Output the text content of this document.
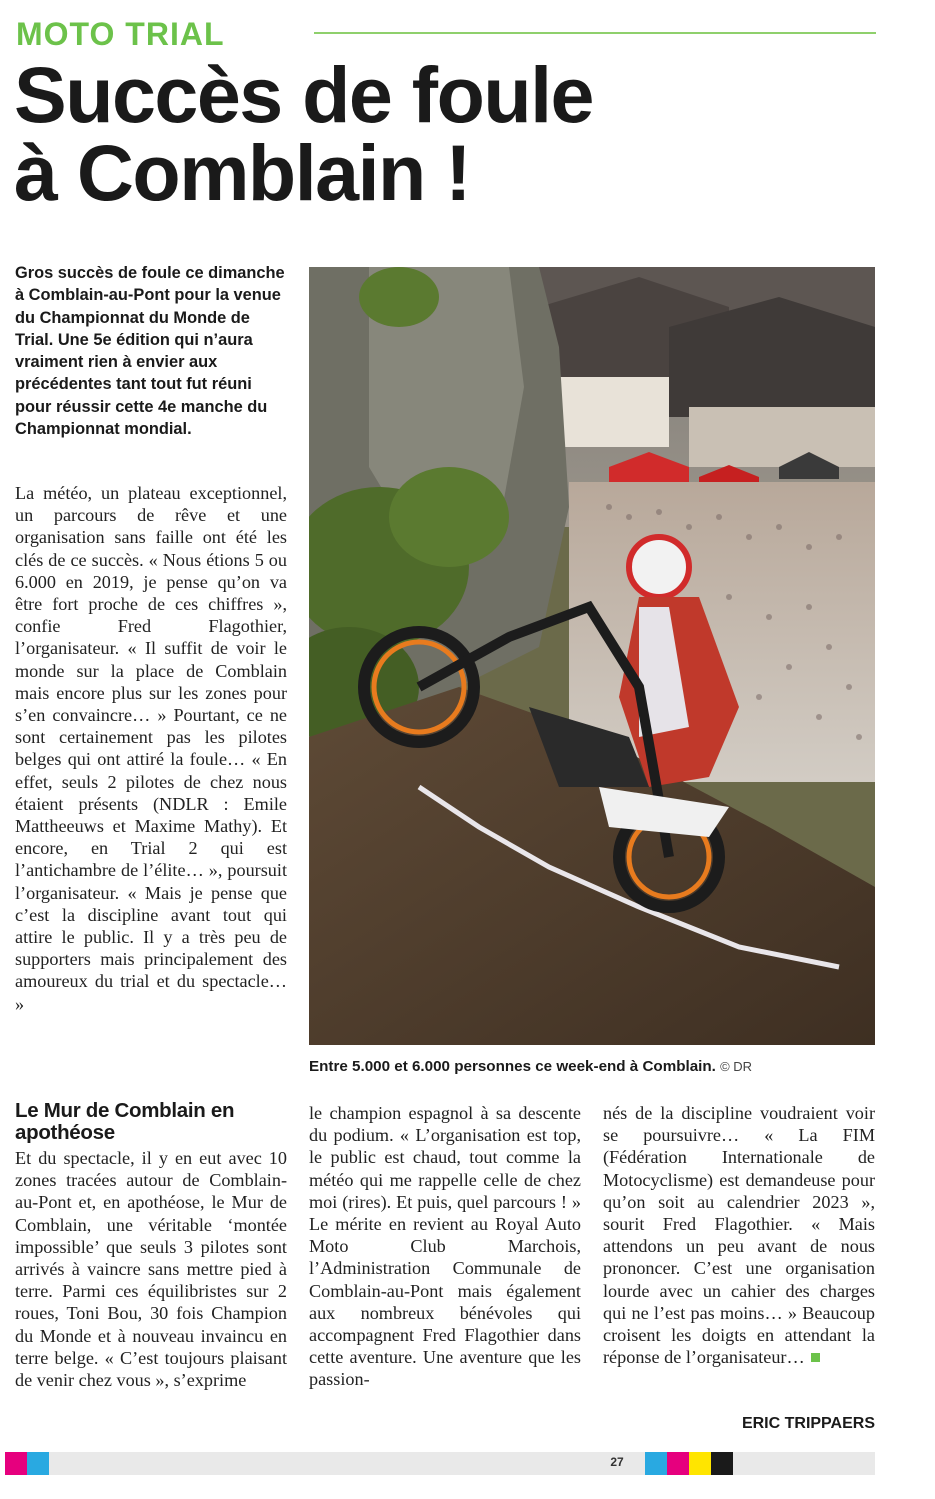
MOTO TRIAL
Succès de foule
à Comblain !

Gros succès de foule ce dimanche à Comblain-au-Pont pour la venue du Championnat du Monde de Trial. Une 5e édition qui n’aura vraiment rien à envier aux précédentes tant tout fut réuni pour réussir cette 4e manche du Championnat mondial.

La météo, un plateau exceptionnel, un parcours de rêve et une organisation sans faille ont été les clés de ce succès. « Nous étions 5 ou 6.000 en 2019, je pense qu’on va être fort proche de ces chiffres », confie Fred Flagothier, l’organisateur. « Il suffit de voir le monde sur la place de Comblain mais encore plus sur les zones pour s’en convaincre… » Pourtant, ce ne sont certainement pas les pilotes belges qui ont attiré la foule… « En effet, seuls 2 pilotes de chez nous étaient présents (NDLR : Emile Mattheeuws et Maxime Mathy). Et encore, en Trial 2 qui est l’antichambre de l’élite… », poursuit l’organisateur. « Mais je pense que c’est la discipline avant tout qui attire le public. Il y a très peu de supporters mais principalement des amoureux du trial et du spectacle… »

Entre 5.000 et 6.000 personnes ce week-end à Comblain. © DR
Le Mur de Comblain en apothéose

Et du spectacle, il y en eut avec 10 zones tracées autour de Comblain-au-Pont et, en apothéose, le Mur de Comblain, une véritable ‘montée impossible’ que seuls 3 pilotes sont arrivés à vaincre sans mettre pied à terre. Parmi ces équilibristes sur 2 roues, Toni Bou, 30 fois Champion du Monde et à nouveau invaincu en terre belge. « C’est toujours plaisant de venir chez vous », s’exprime

le champion espagnol à sa descente du podium. « L’organisation est top, le public est chaud, tout comme la météo qui me rappelle celle de chez moi (rires). Et puis, quel parcours ! » Le mérite en revient au Royal Auto Moto Club Marchois, l’Administration Communale de Comblain-au-Pont mais également aux nombreux bénévoles qui accompagnent Fred Flagothier dans cette aventure. Une aventure que les passion-

nés de la discipline voudraient voir se poursuivre… « La FIM (Fédération Internationale de Motocyclisme) est demandeuse pour qu’on soit au calendrier 2023 », sourit Fred Flagothier. « Mais attendons un peu avant de nous prononcer. C’est une organisation lourde avec un cahier des charges qui ne l’est pas moins… » Beaucoup croisent les doigts en attendant la réponse de l’organisateur…

ERIC TRIPPAERS
27
